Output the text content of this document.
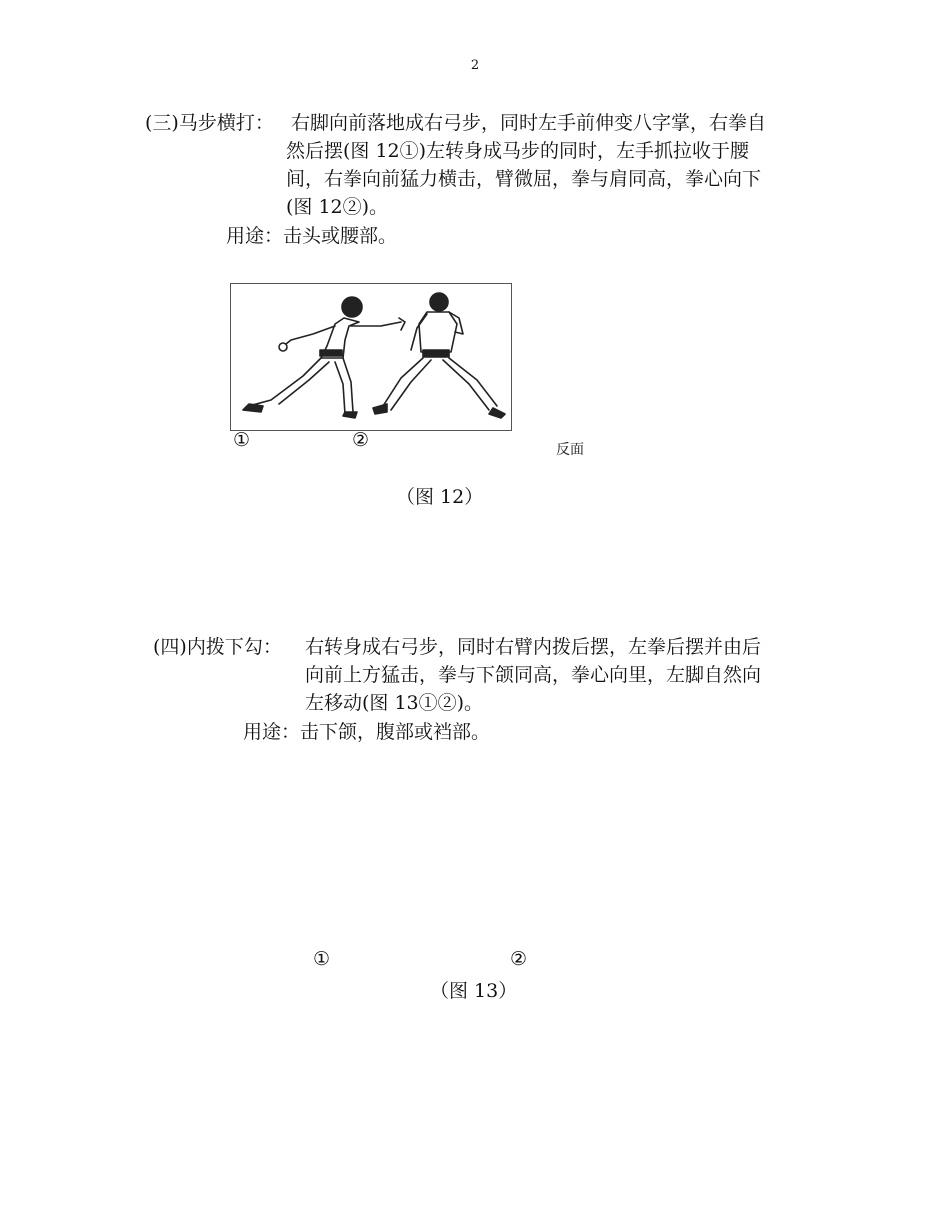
2
(三)马步横打： 右脚向前落地成右弓步，同时左手前伸变八字掌，右拳自
然后摆(图 12①)左转身成马步的同时，左手抓拉收于腰
间，右拳向前猛力横击，臂微屈，拳与肩同高，拳心向下
(图 12②)。
用途：击头或腰部。
①	②	反面
（图 12）
(四)内拨下勾： 右转身成右弓步，同时右臂内拨后摆，左拳后摆并由后
向前上方猛击，拳与下颌同高，拳心向里，左脚自然向
左移动(图 13①②)。
用途：击下颌，腹部或裆部。
①	②
（图 13）
